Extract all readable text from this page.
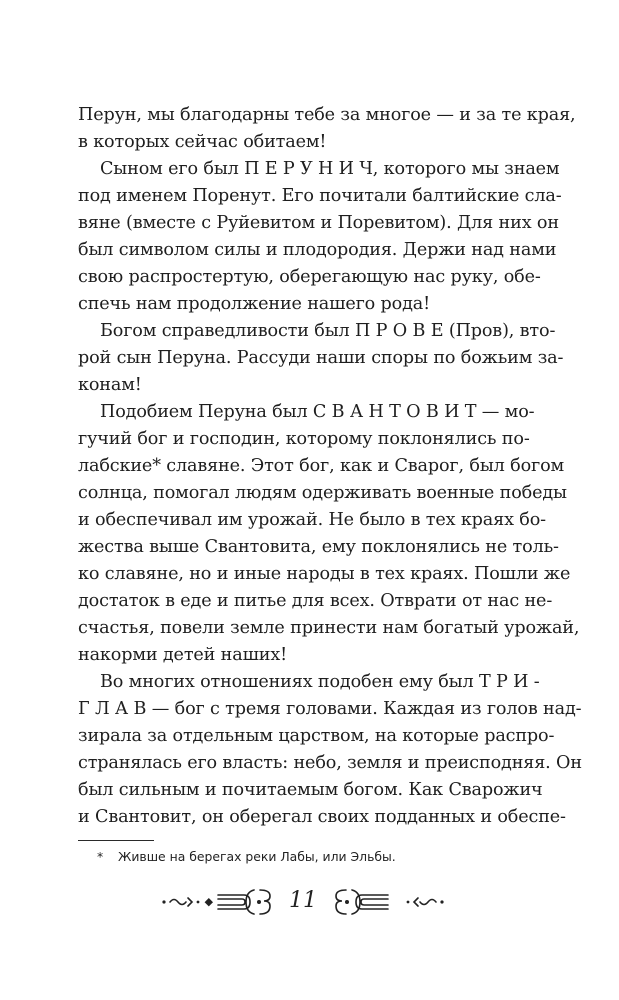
Перун, мы благодарны тебе за многое — и за те края,
в которых сейчас обитаем!
Сыном его был П Е Р У Н И Ч, которого мы знаем
под именем Поренут. Его почитали балтийские сла-
вяне (вместе с Руйевитом и Поревитом). Для них он
был символом силы и плодородия. Держи над нами
свою распростертую, оберегающую нас руку, обе-
спечь нам продолжение нашего рода!
Богом справедливости был П Р О В Е (Пров), вто-
рой сын Перуна. Рассуди наши споры по божьим за-
конам!
Подобием Перуна был С В А Н Т О В И Т — мо-
гучий бог и господин, которому поклонялись по-
лабские* славяне. Этот бог, как и Сварог, был богом
солнца, помогал людям одерживать военные победы
и обеспечивал им урожай. Не было в тех краях бо-
жества выше Свантовита, ему поклонялись не толь-
ко славяне, но и иные народы в тех краях. Пошли же
достаток в еде и питье для всех. Отврати от нас не-
счастья, повели земле принести нам богатый урожай,
накорми детей наших!
Во многих отношениях подобен ему был Т Р И -
Г Л А В — бог с тремя головами. Каждая из голов над-
зирала за отдельным царством, на которые распро-
странялась его власть: небо, земля и преисподняя. Он
был сильным и почитаемым богом. Как Сварожич
и Свантовит, он оберегал своих подданных и обеспе-
* Живше на берегах реки Лабы, или Эльбы.
11
